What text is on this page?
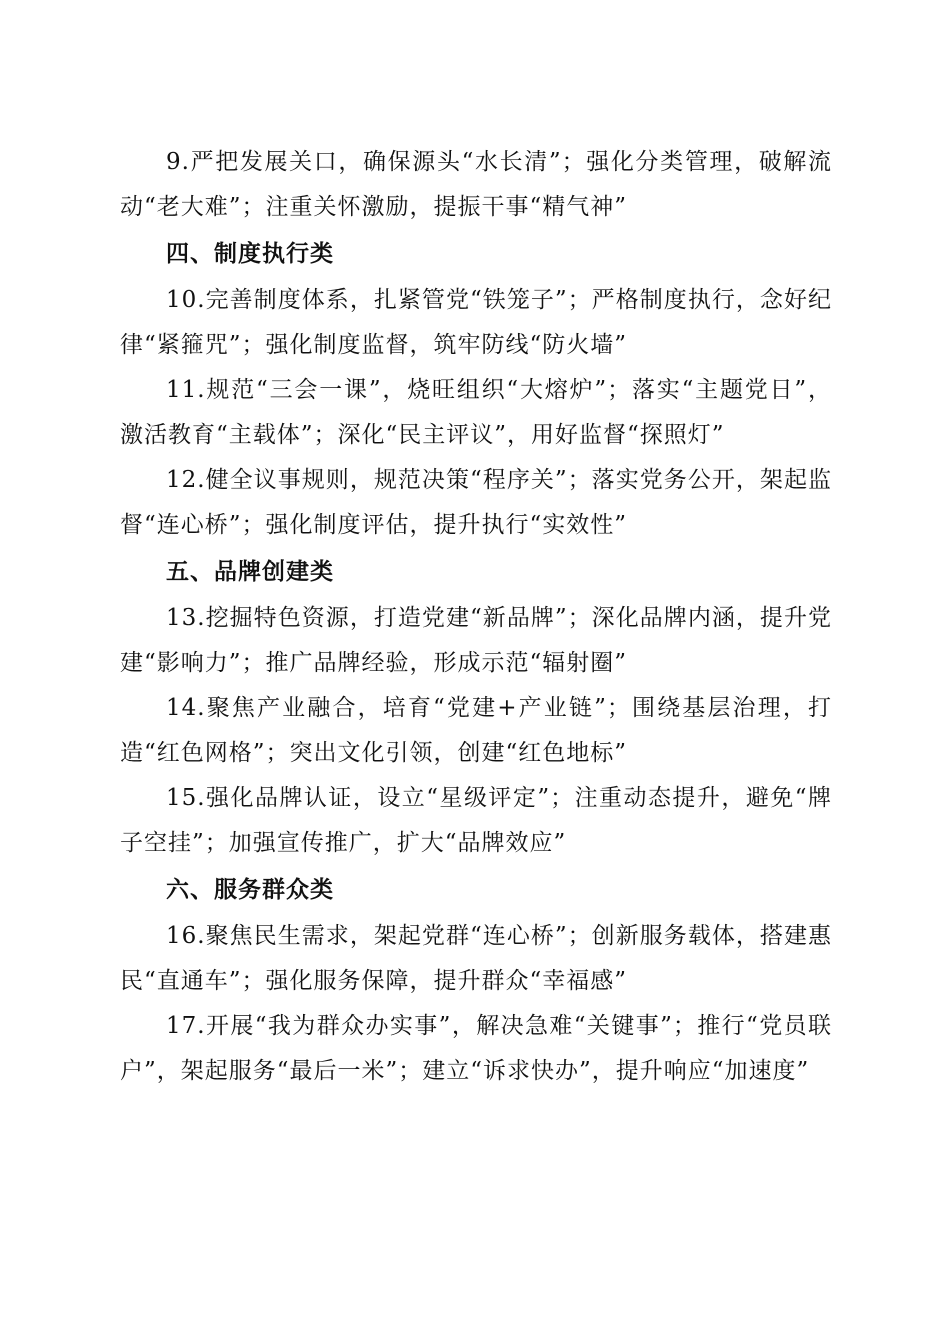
9.严把发展关口，确保源头“水长清”；强化分类管理，破解流动“老大难”；注重关怀激励，提振干事“精气神”

四、制度执行类

10.完善制度体系，扎紧管党“铁笼子”；严格制度执行，念好纪律“紧箍咒”；强化制度监督，筑牢防线“防火墙”

11.规范“三会一课”，烧旺组织“大熔炉”；落实“主题党日”，激活教育“主载体”；深化“民主评议”，用好监督“探照灯”

12.健全议事规则，规范决策“程序关”；落实党务公开，架起监督“连心桥”；强化制度评估，提升执行“实效性”

五、品牌创建类

13.挖掘特色资源，打造党建“新品牌”；深化品牌内涵，提升党建“影响力”；推广品牌经验，形成示范“辐射圈”

14.聚焦产业融合，培育“党建+产业链”；围绕基层治理，打造“红色网格”；突出文化引领，创建“红色地标”

15.强化品牌认证，设立“星级评定”；注重动态提升，避免“牌子空挂”；加强宣传推广，扩大“品牌效应”

六、服务群众类

16.聚焦民生需求，架起党群“连心桥”；创新服务载体，搭建惠民“直通车”；强化服务保障，提升群众“幸福感”

17.开展“我为群众办实事”，解决急难“关键事”；推行“党员联户”，架起服务“最后一米”；建立“诉求快办”，提升响应“加速度”
